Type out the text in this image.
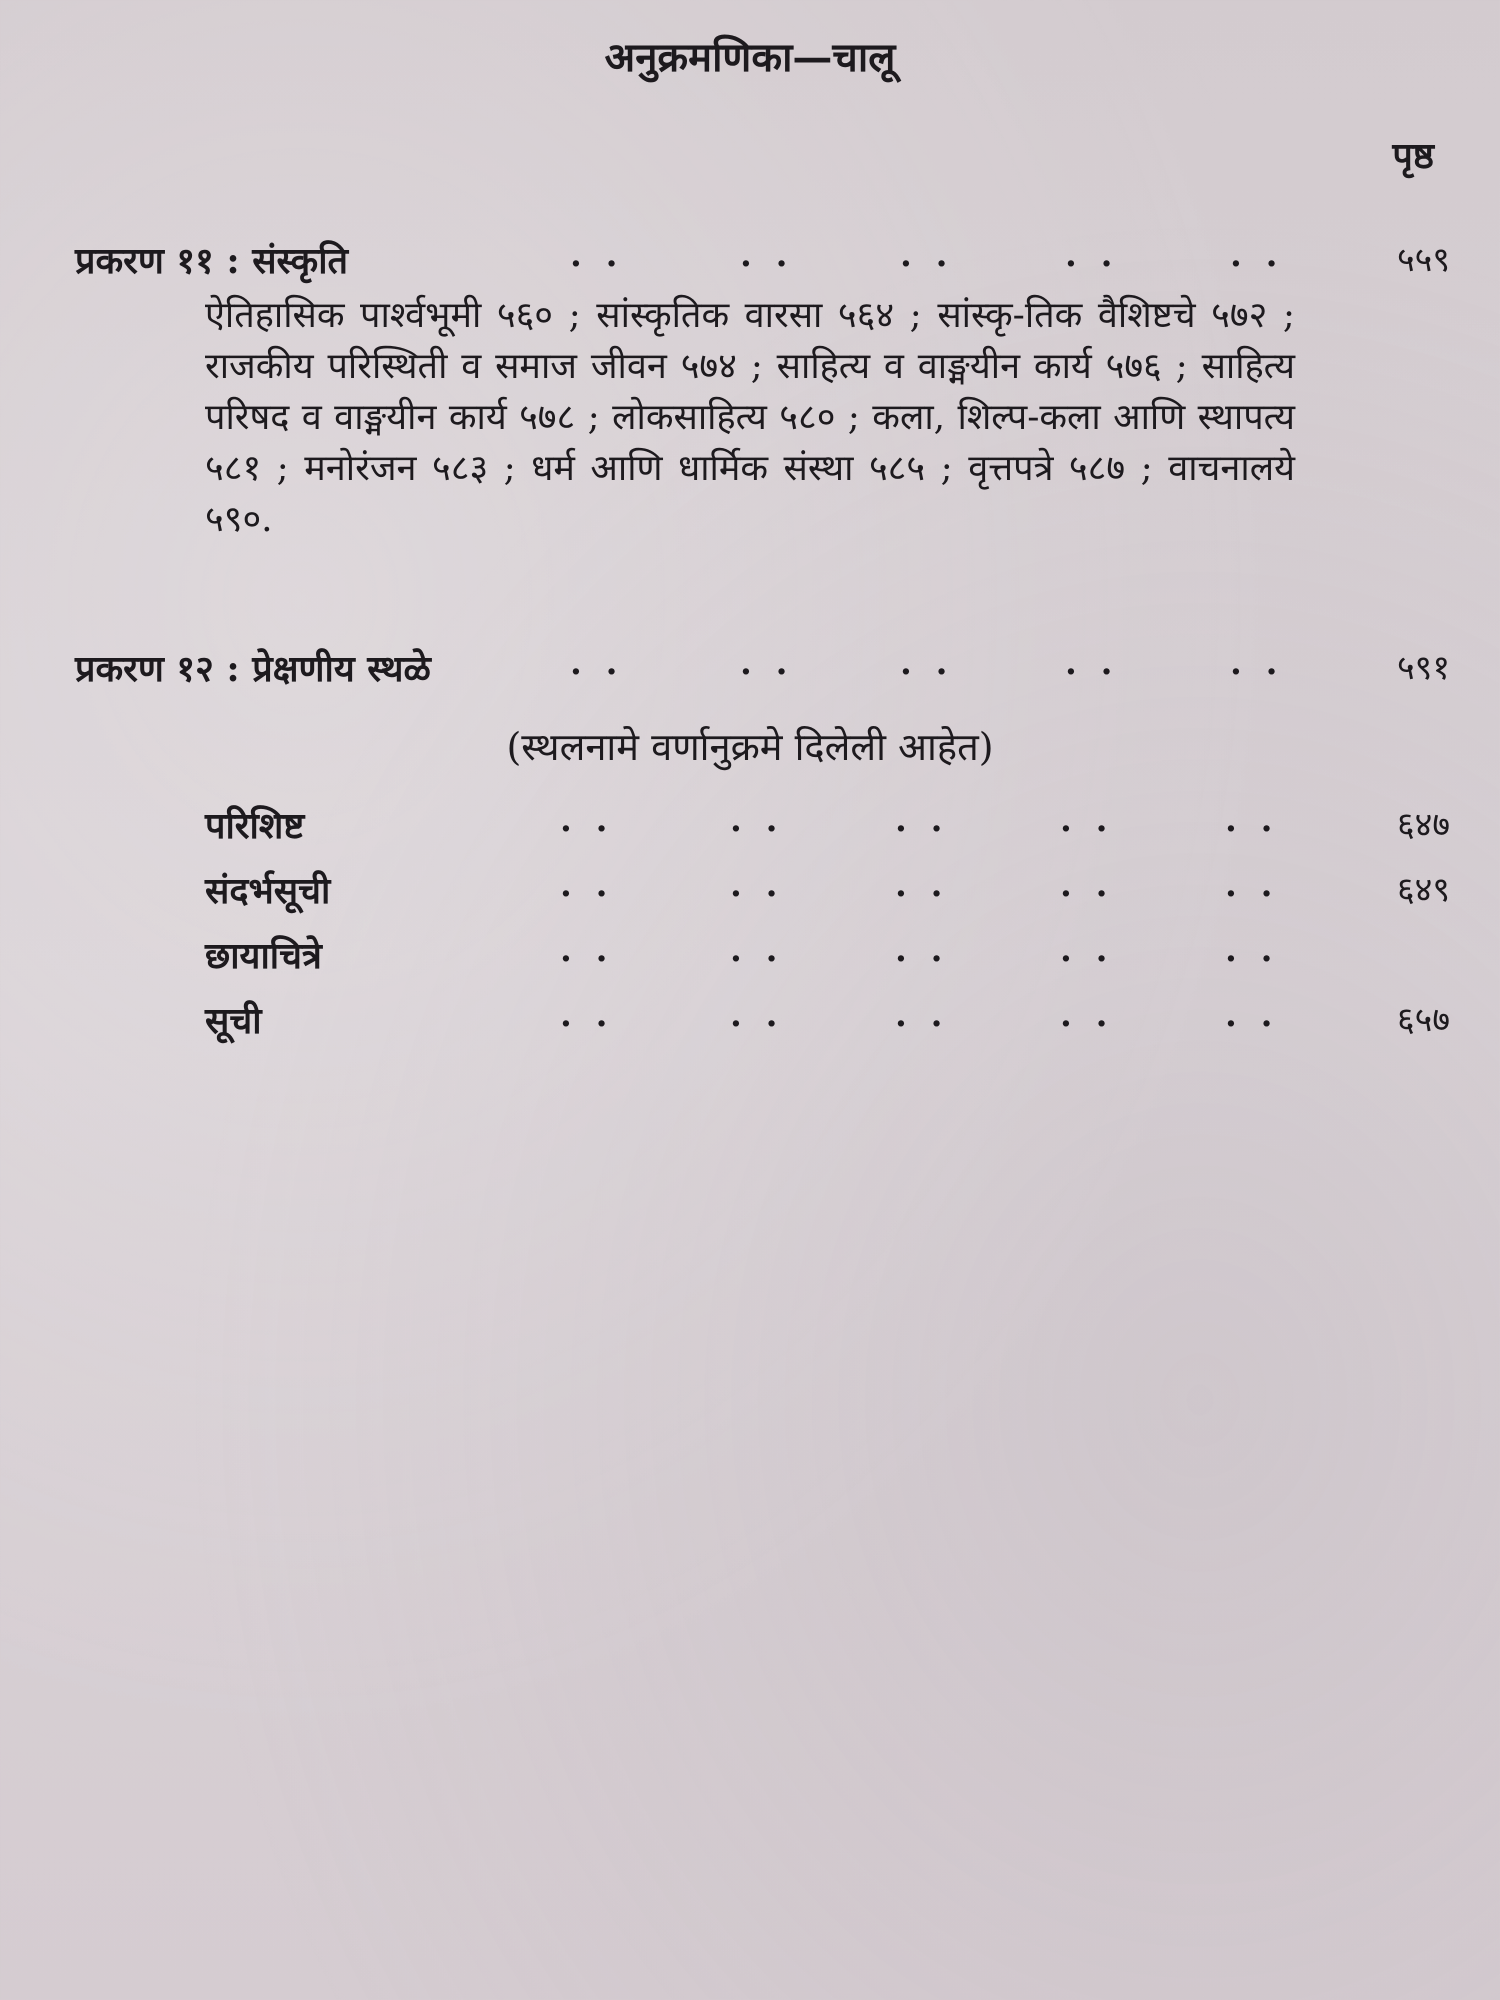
अनुक्रमणिका—चालू
पृष्ठ
प्रकरण ११ : संस्कृति	. .	. .	. .	. .	. .	५५९
ऐतिहासिक पार्श्वभूमी ५६० ; सांस्कृतिक वारसा ५६४ ; सांस्कृ-तिक वैशिष्टचे ५७२ ; राजकीय परिस्थिती व समाज जीवन ५७४ ; साहित्य व वाङ्मयीन कार्य ५७६ ; साहित्य परिषद व वाङ्मयीन कार्य ५७८ ; लोकसाहित्य ५८० ; कला, शिल्प-कला आणि स्थापत्य ५८१ ; मनोरंजन ५८३ ; धर्म आणि धार्मिक संस्था ५८५ ; वृत्तपत्रे ५८७ ; वाचनालये ५९०.
प्रकरण १२ : प्रेक्षणीय स्थळे	. .	. .	. .	. .	. .	५९१
(स्थलनामे वर्णानुक्रमे दिलेली आहेत)
परिशिष्ट	. .	. .	. .	. .	. .	६४७
संदर्भसूची	. .	. .	. .	. .	. .	६४९
छायाचित्रे	. .	. .	. .	. .	. .
सूची	. .	. .	. .	. .	. .	६५७
